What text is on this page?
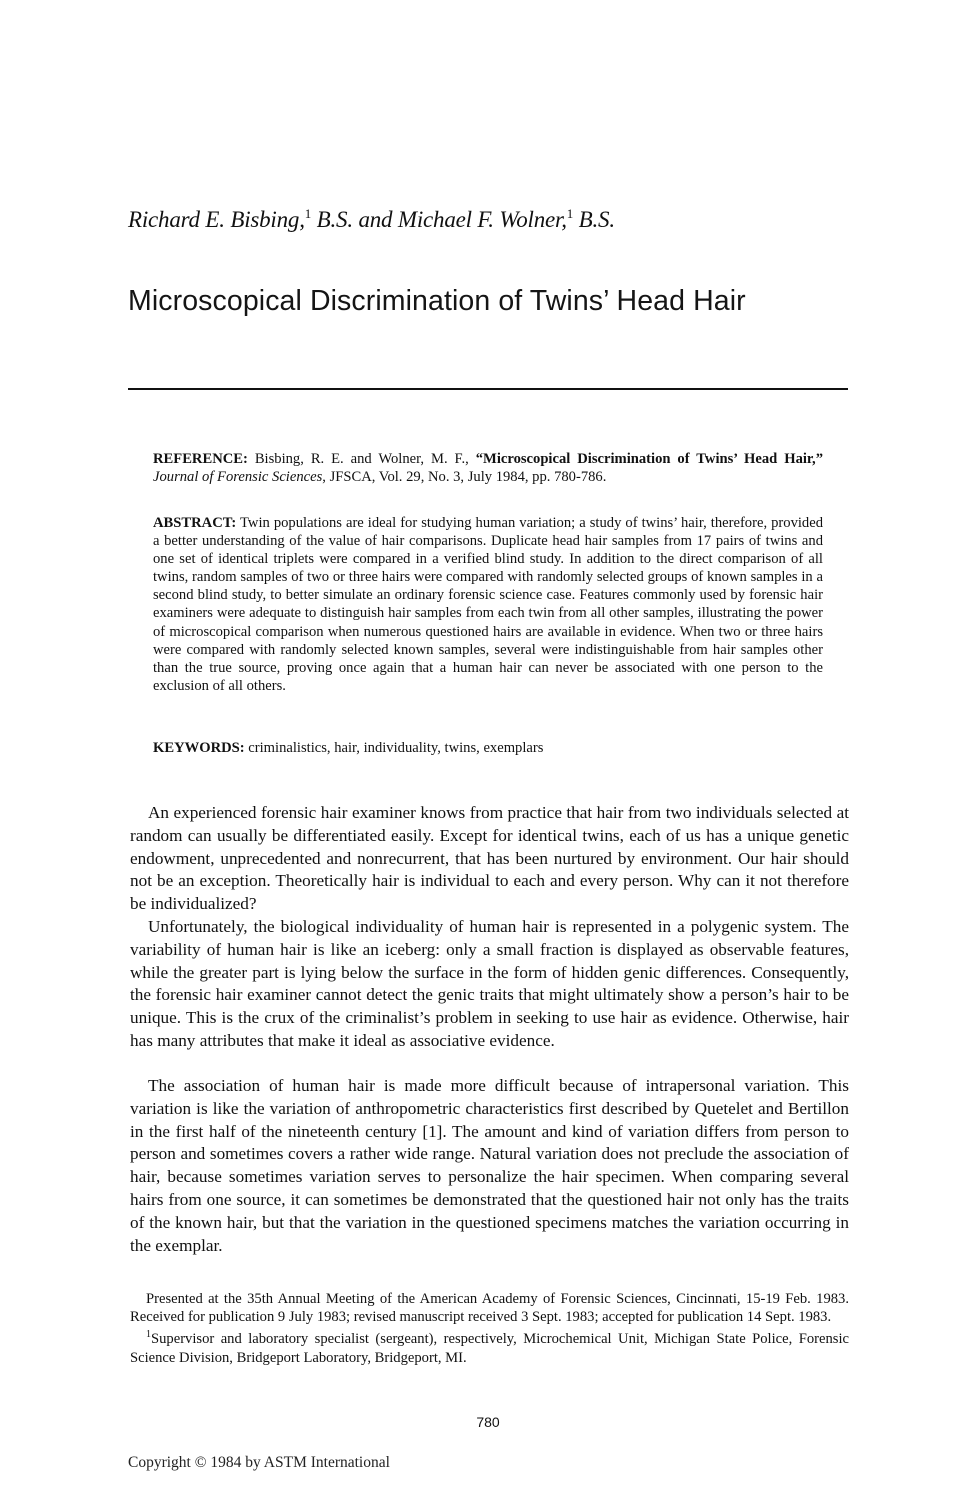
Richard E. Bisbing,$^1$ B.S. and Michael F. Wolner,$^1$ B.S.
Microscopical Discrimination of Twins’ Head Hair
REFERENCE: Bisbing, R. E. and Wolner, M. F., “Microscopical Discrimination of Twins’ Head Hair,” Journal of Forensic Sciences, JFSCA, Vol. 29, No. 3, July 1984, pp. 780-786.
ABSTRACT: Twin populations are ideal for studying human variation; a study of twins’ hair, therefore, provided a better understanding of the value of hair comparisons. Duplicate head hair samples from 17 pairs of twins and one set of identical triplets were compared in a verified blind study. In addition to the direct comparison of all twins, random samples of two or three hairs were compared with randomly selected groups of known samples in a second blind study, to better simulate an ordinary forensic science case. Features commonly used by forensic hair examiners were adequate to distinguish hair samples from each twin from all other samples, illustrating the power of microscopical comparison when numerous questioned hairs are available in evidence. When two or three hairs were compared with randomly selected known samples, several were indistinguishable from hair samples other than the true source, proving once again that a human hair can never be associated with one person to the exclusion of all others.
KEYWORDS: criminalistics, hair, individuality, twins, exemplars

An experienced forensic hair examiner knows from practice that hair from two individuals selected at random can usually be differentiated easily. Except for identical twins, each of us has a unique genetic endowment, unprecedented and nonrecurrent, that has been nurtured by environment. Our hair should not be an exception. Theoretically hair is individual to each and every person. Why can it not therefore be individualized?

Unfortunately, the biological individuality of human hair is represented in a polygenic system. The variability of human hair is like an iceberg: only a small fraction is displayed as observable features, while the greater part is lying below the surface in the form of hidden genic differences. Consequently, the forensic hair examiner cannot detect the genic traits that might ultimately show a person’s hair to be unique. This is the crux of the criminalist’s problem in seeking to use hair as evidence. Otherwise, hair has many attributes that make it ideal as associative evidence.

The association of human hair is made more difficult because of intrapersonal variation. This variation is like the variation of anthropometric characteristics first described by Quetelet and Bertillon in the first half of the nineteenth century [1]. The amount and kind of variation differs from person to person and sometimes covers a rather wide range. Natural variation does not preclude the association of hair, because sometimes variation serves to personalize the hair specimen. When comparing several hairs from one source, it can sometimes be demonstrated that the questioned hair not only has the traits of the known hair, but that the variation in the questioned specimens matches the variation occurring in the exemplar.

Presented at the 35th Annual Meeting of the American Academy of Forensic Sciences, Cincinnati, 15-19 Feb. 1983. Received for publication 9 July 1983; revised manuscript received 3 Sept. 1983; accepted for publication 14 Sept. 1983.

$^1$Supervisor and laboratory specialist (sergeant), respectively, Microchemical Unit, Michigan State Police, Forensic Science Division, Bridgeport Laboratory, Bridgeport, MI.

780
Copyright © 1984 by ASTM International
